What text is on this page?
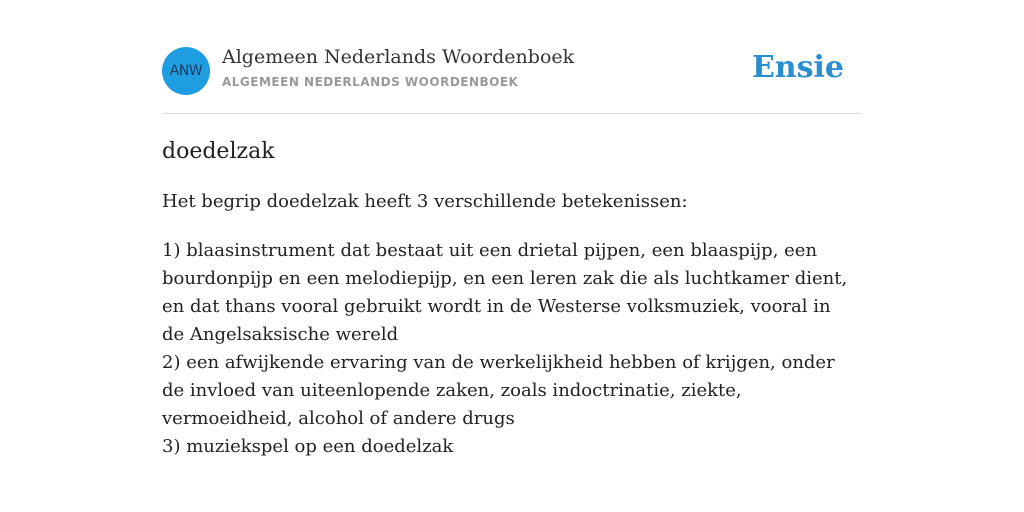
ANW
Algemeen Nederlands Woordenboek
ALGEMEEN NEDERLANDS WOORDENBOEK	Ensie
doedelzak

Het begrip doedelzak heeft 3 verschillende betekenissen:

1) blaasinstrument dat bestaat uit een drietal pijpen, een blaaspijp, een bourdonpijp en een melodiepijp, en een leren zak die als luchtkamer dient, en dat thans vooral gebruikt wordt in de Westerse volksmuziek, vooral in de Angelsaksische wereld
2) een afwijkende ervaring van de werkelijkheid hebben of krijgen, onder de invloed van uiteenlopende zaken, zoals indoctrinatie, ziekte, vermoeidheid, alcohol of andere drugs
3) muziekspel op een doedelzak
